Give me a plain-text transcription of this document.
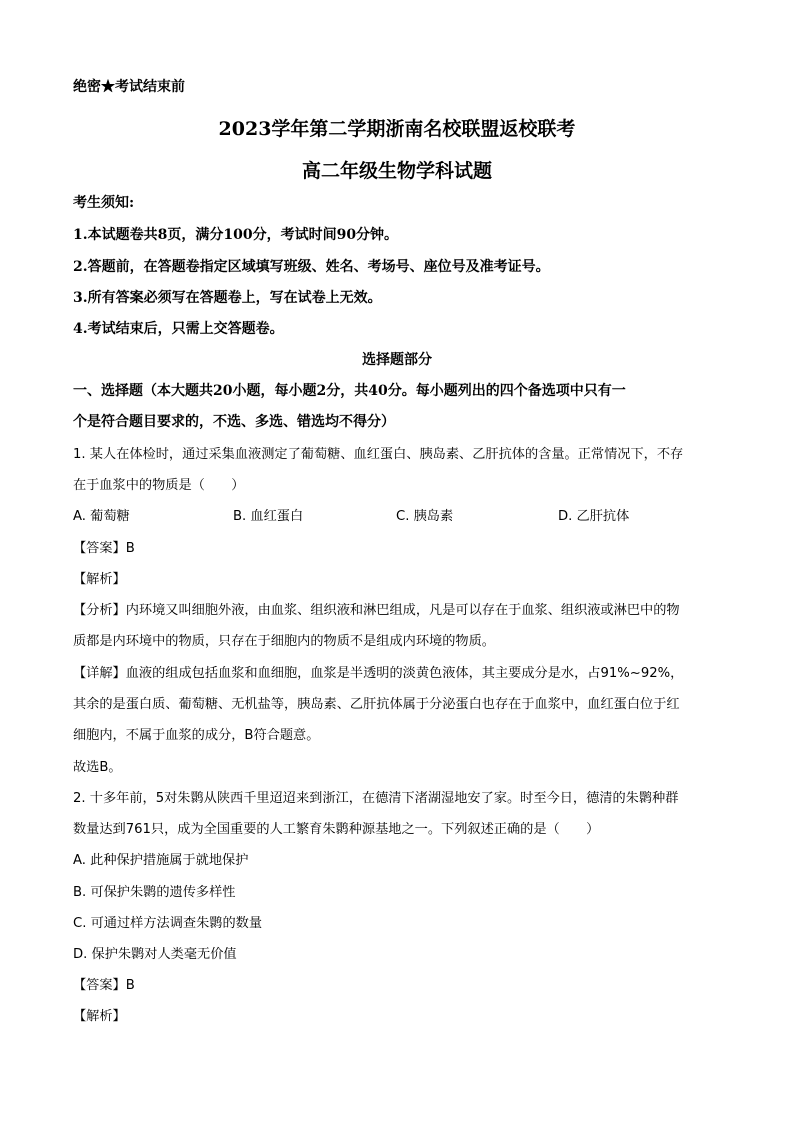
绝密★考试结束前
2023学年第二学期浙南名校联盟返校联考
高二年级生物学科试题
考生须知:
1.本试题卷共8页，满分100分，考试时间90分钟。
2.答题前，在答题卷指定区域填写班级、姓名、考场号、座位号及准考证号。
3.所有答案必须写在答题卷上，写在试卷上无效。
4.考试结束后，只需上交答题卷。
选择题部分
一、选择题（本大题共20小题，每小题2分，共40分。每小题列出的四个备选项中只有一
个是符合题目要求的，不选、多选、错选均不得分）
1. 某人在体检时，通过采集血液测定了葡萄糖、血红蛋白、胰岛素、乙肝抗体的含量。正常情况下，不存
在于血浆中的物质是（　　）
A. 葡萄糖	B. 血红蛋白	C. 胰岛素	D. 乙肝抗体
【答案】B
【解析】
【分析】内环境又叫细胞外液，由血浆、组织液和淋巴组成，凡是可以存在于血浆、组织液或淋巴中的物
质都是内环境中的物质，只存在于细胞内的物质不是组成内环境的物质。
【详解】血液的组成包括血浆和血细胞，血浆是半透明的淡黄色液体，其主要成分是水，占91%~92%，
其余的是蛋白质、葡萄糖、无机盐等，胰岛素、乙肝抗体属于分泌蛋白也存在于血浆中，血红蛋白位于红
细胞内，不属于血浆的成分，B符合题意。
故选B。
2. 十多年前，5对朱鹮从陕西千里迢迢来到浙江，在德清下渚湖湿地安了家。时至今日，德清的朱鹮种群
数量达到761只，成为全国重要的人工繁育朱鹮种源基地之一。下列叙述正确的是（　　）
A. 此种保护措施属于就地保护
B. 可保护朱鹮的遗传多样性
C. 可通过样方法调查朱鹮的数量
D. 保护朱鹮对人类毫无价值
【答案】B
【解析】
